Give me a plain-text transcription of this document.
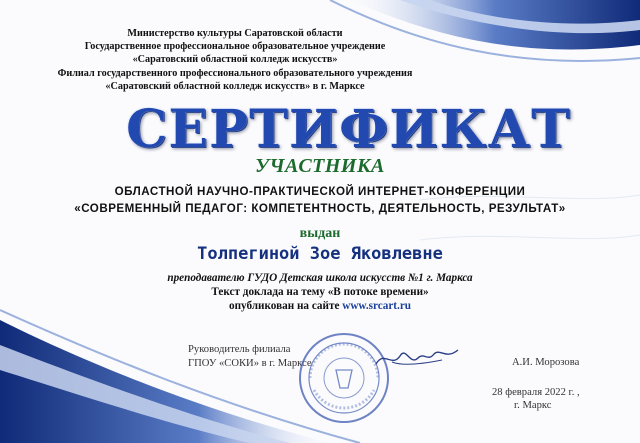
Министерство культуры Саратовской области
Государственное профессиональное образовательное учреждение
«Саратовский областной колледж искусств»
Филиал государственного профессионального образовательного учреждения
«Саратовский областной колледж искусств» в г. Марксе
СЕРТИФИКАТ
УЧАСТНИКА
ОБЛАСТНОЙ НАУЧНО-ПРАКТИЧЕСКОЙ ИНТЕРНЕТ-КОНФЕРЕНЦИИ
«СОВРЕМЕННЫЙ ПЕДАГОГ: КОМПЕТЕНТНОСТЬ, ДЕЯТЕЛЬНОСТЬ, РЕЗУЛЬТАТ»
выдан
Толпегиной Зое Яковлевне
преподавателю ГУДО Детская школа искусств №1 г. Маркса
Текст доклада на тему «В потоке времени»
опубликован на сайте www.srcart.ru
Руководитель филиала
ГПОУ «СОКИ» в г. Марксе	А.И. Морозова
28 февраля 2022 г. ,
г. Маркс
